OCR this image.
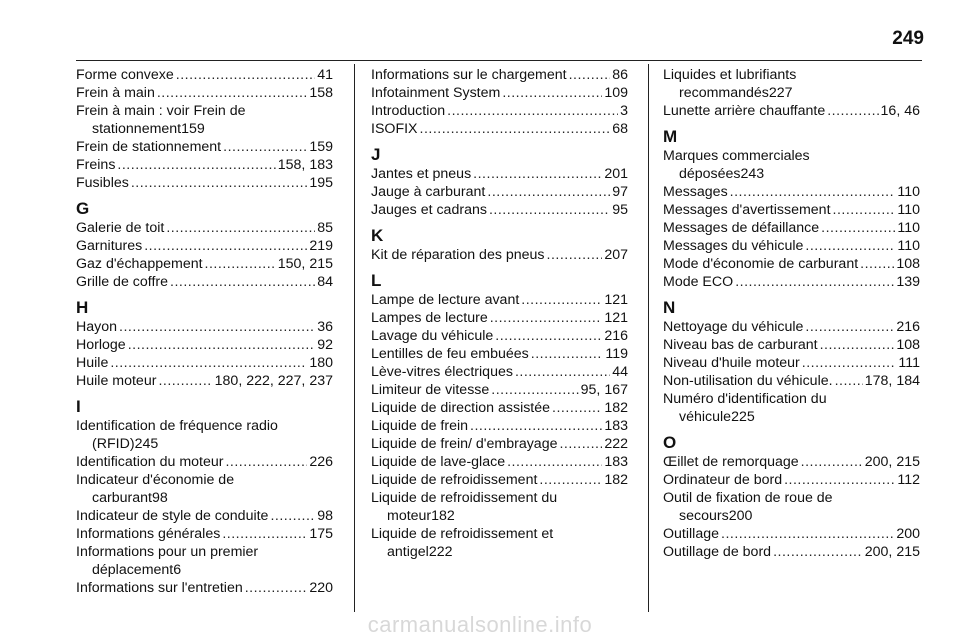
249
Forme convexe .....	41
Frein à main .....	158
Frein à main : voir Frein de
stationnement 159
Frein de stationnement .....	159
Freins .....	158, 183
Fusibles .....	195
G
Galerie de toit .....	85
Garnitures .....	219
Gaz d'échappement .....	150, 215
Grille de coffre .....	84
H
Hayon .....	36
Horloge .....	92
Huile .....	180
Huile moteur .....	180, 222, 227, 237
I
Identification de fréquence radio
(RFID) 245
Identification du moteur .....	226
Indicateur d'économie de
carburant 98
Indicateur de style de conduite .....	98
Informations générales .....	175
Informations pour un premier
déplacement 6
Informations sur l'entretien .....	220
Informations sur le chargement .....	86
Infotainment System .....	109
Introduction .....	3
ISOFIX .....	68
J
Jantes et pneus .....	201
Jauge à carburant .....	97
Jauges et cadrans .....	95
K
Kit de réparation des pneus .....	207
L
Lampe de lecture avant .....	121
Lampes de lecture .....	121
Lavage du véhicule .....	216
Lentilles de feu embuées .....	119
Lève-vitres électriques .....	44
Limiteur de vitesse .....	95, 167
Liquide de direction assistée .....	182
Liquide de frein .....	183
Liquide de frein/ d'embrayage .....	222
Liquide de lave-glace .....	183
Liquide de refroidissement .....	182
Liquide de refroidissement du
moteur 182
Liquide de refroidissement et
antigel 222
Liquides et lubrifiants
recommandés 227
Lunette arrière chauffante .....	16, 46
M
Marques commerciales
déposées 243
Messages .....	110
Messages d'avertissement .....	110
Messages de défaillance .....	110
Messages du véhicule .....	110
Mode d'économie de carburant .....	108
Mode ECO .....	139
N
Nettoyage du véhicule .....	216
Niveau bas de carburant .....	108
Niveau d'huile moteur .....	111
Non-utilisation du véhicule. ..... 178, 184
Numéro d'identification du
véhicule 225
O
Œillet de remorquage .....	200, 215
Ordinateur de bord .....	112
Outil de fixation de roue de
secours 200
Outillage .....	200
Outillage de bord .....	200, 215
carmanualsonline.info
